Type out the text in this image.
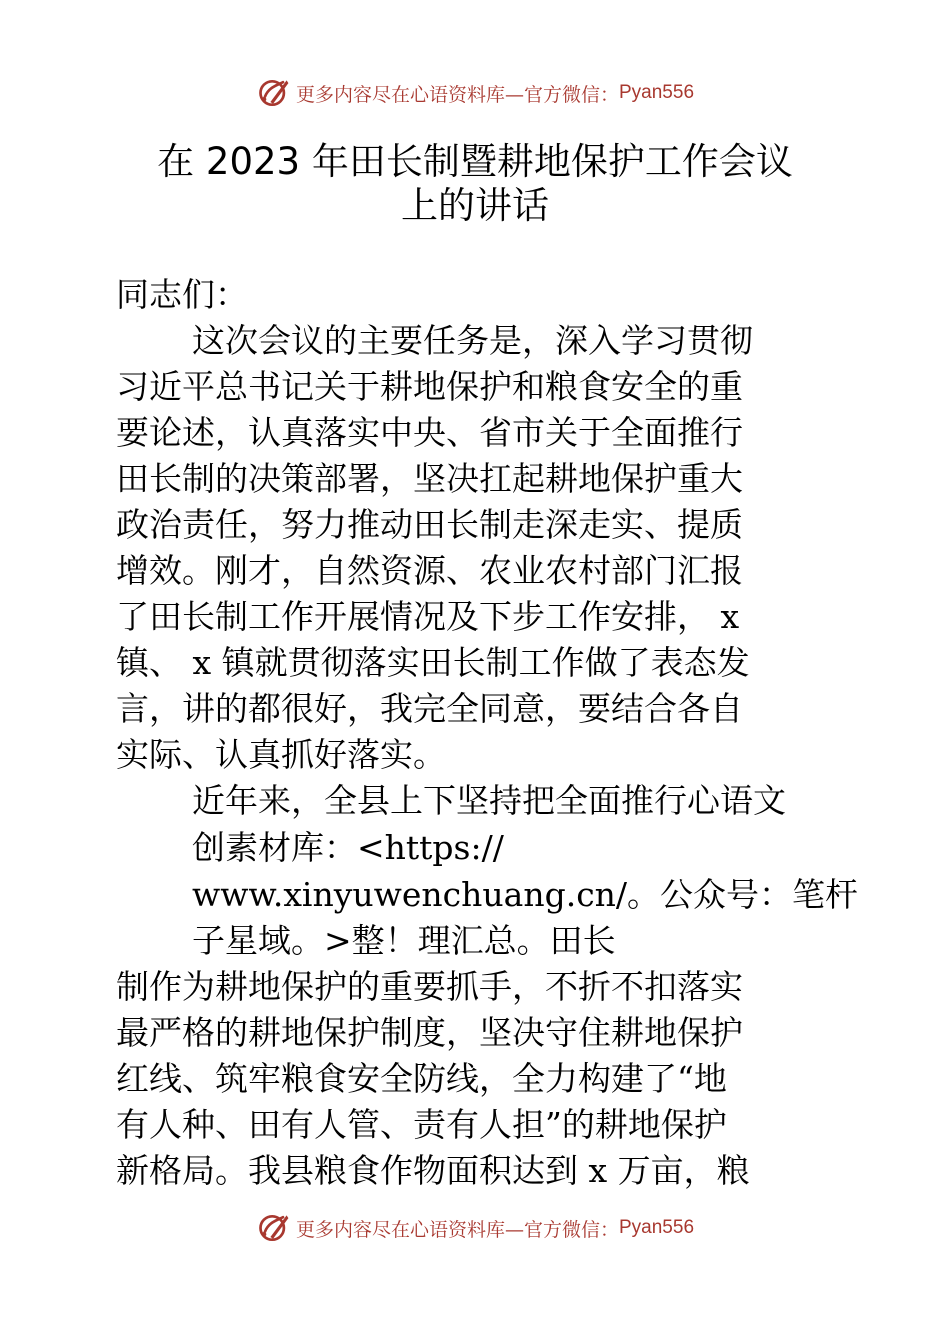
更多内容尽在心语资料库—官方微信： Pyan556
在 2023 年田长制暨耕地保护工作会议
上的讲话
同志们：
这次会议的主要任务是，深入学习贯彻
习近平总书记关于耕地保护和粮食安全的重
要论述，认真落实中央、省市关于全面推行
田长制的决策部署，坚决扛起耕地保护重大
政治责任，努力推动田长制走深走实、提质
增效。刚才，自然资源、农业农村部门汇报
了田长制工作开展情况及下步工作安排， x
镇、 x 镇就贯彻落实田长制工作做了表态发
言，讲的都很好，我完全同意，要结合各自
实际、认真抓好落实。
近年来，全县上下坚持把全面推行心语文
创素材库：<https://
www.xinyuwenchuang.cn/。公众号：笔杆
子星域。>整！理汇总。田长
制作为耕地保护的重要抓手，不折不扣落实
最严格的耕地保护制度，坚决守住耕地保护
红线、筑牢粮食安全防线，全力构建了“地
有人种、田有人管、责有人担”的耕地保护
新格局。我县粮食作物面积达到 x 万亩，粮
更多内容尽在心语资料库—官方微信： Pyan556
